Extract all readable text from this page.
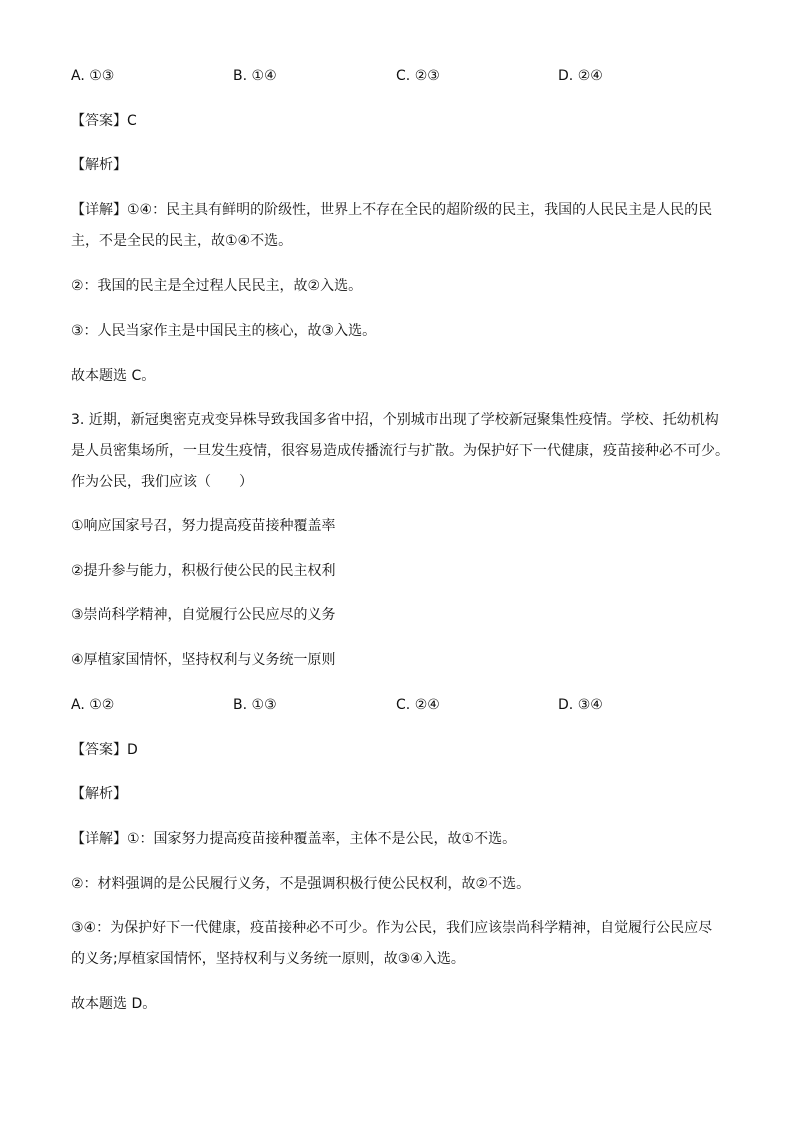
A. ①③	B. ①④	C. ②③	D. ②④
【答案】C
【解析】
【详解】①④：民主具有鲜明的阶级性，世界上不存在全民的超阶级的民主，我国的人民民主是人民的民
主，不是全民的民主，故①④不选。
②：我国的民主是全过程人民民主，故②入选。
③：人民当家作主是中国民主的核心，故③入选。
故本题选 C。
3. 近期，新冠奥密克戎变异株导致我国多省中招，个别城市出现了学校新冠聚集性疫情。学校、托幼机构
是人员密集场所，一旦发生疫情，很容易造成传播流行与扩散。为保护好下一代健康，疫苗接种必不可少。
作为公民，我们应该（　　）
①响应国家号召，努力提高疫苗接种覆盖率
②提升参与能力，积极行使公民的民主权利
③崇尚科学精神，自觉履行公民应尽的义务
④厚植家国情怀，坚持权利与义务统一原则
A. ①②	B. ①③	C. ②④	D. ③④
【答案】D
【解析】
【详解】①：国家努力提高疫苗接种覆盖率，主体不是公民，故①不选。
②：材料强调的是公民履行义务，不是强调积极行使公民权利，故②不选。
③④：为保护好下一代健康，疫苗接种必不可少。作为公民，我们应该崇尚科学精神，自觉履行公民应尽
的义务;厚植家国情怀，坚持权利与义务统一原则，故③④入选。
故本题选 D。
